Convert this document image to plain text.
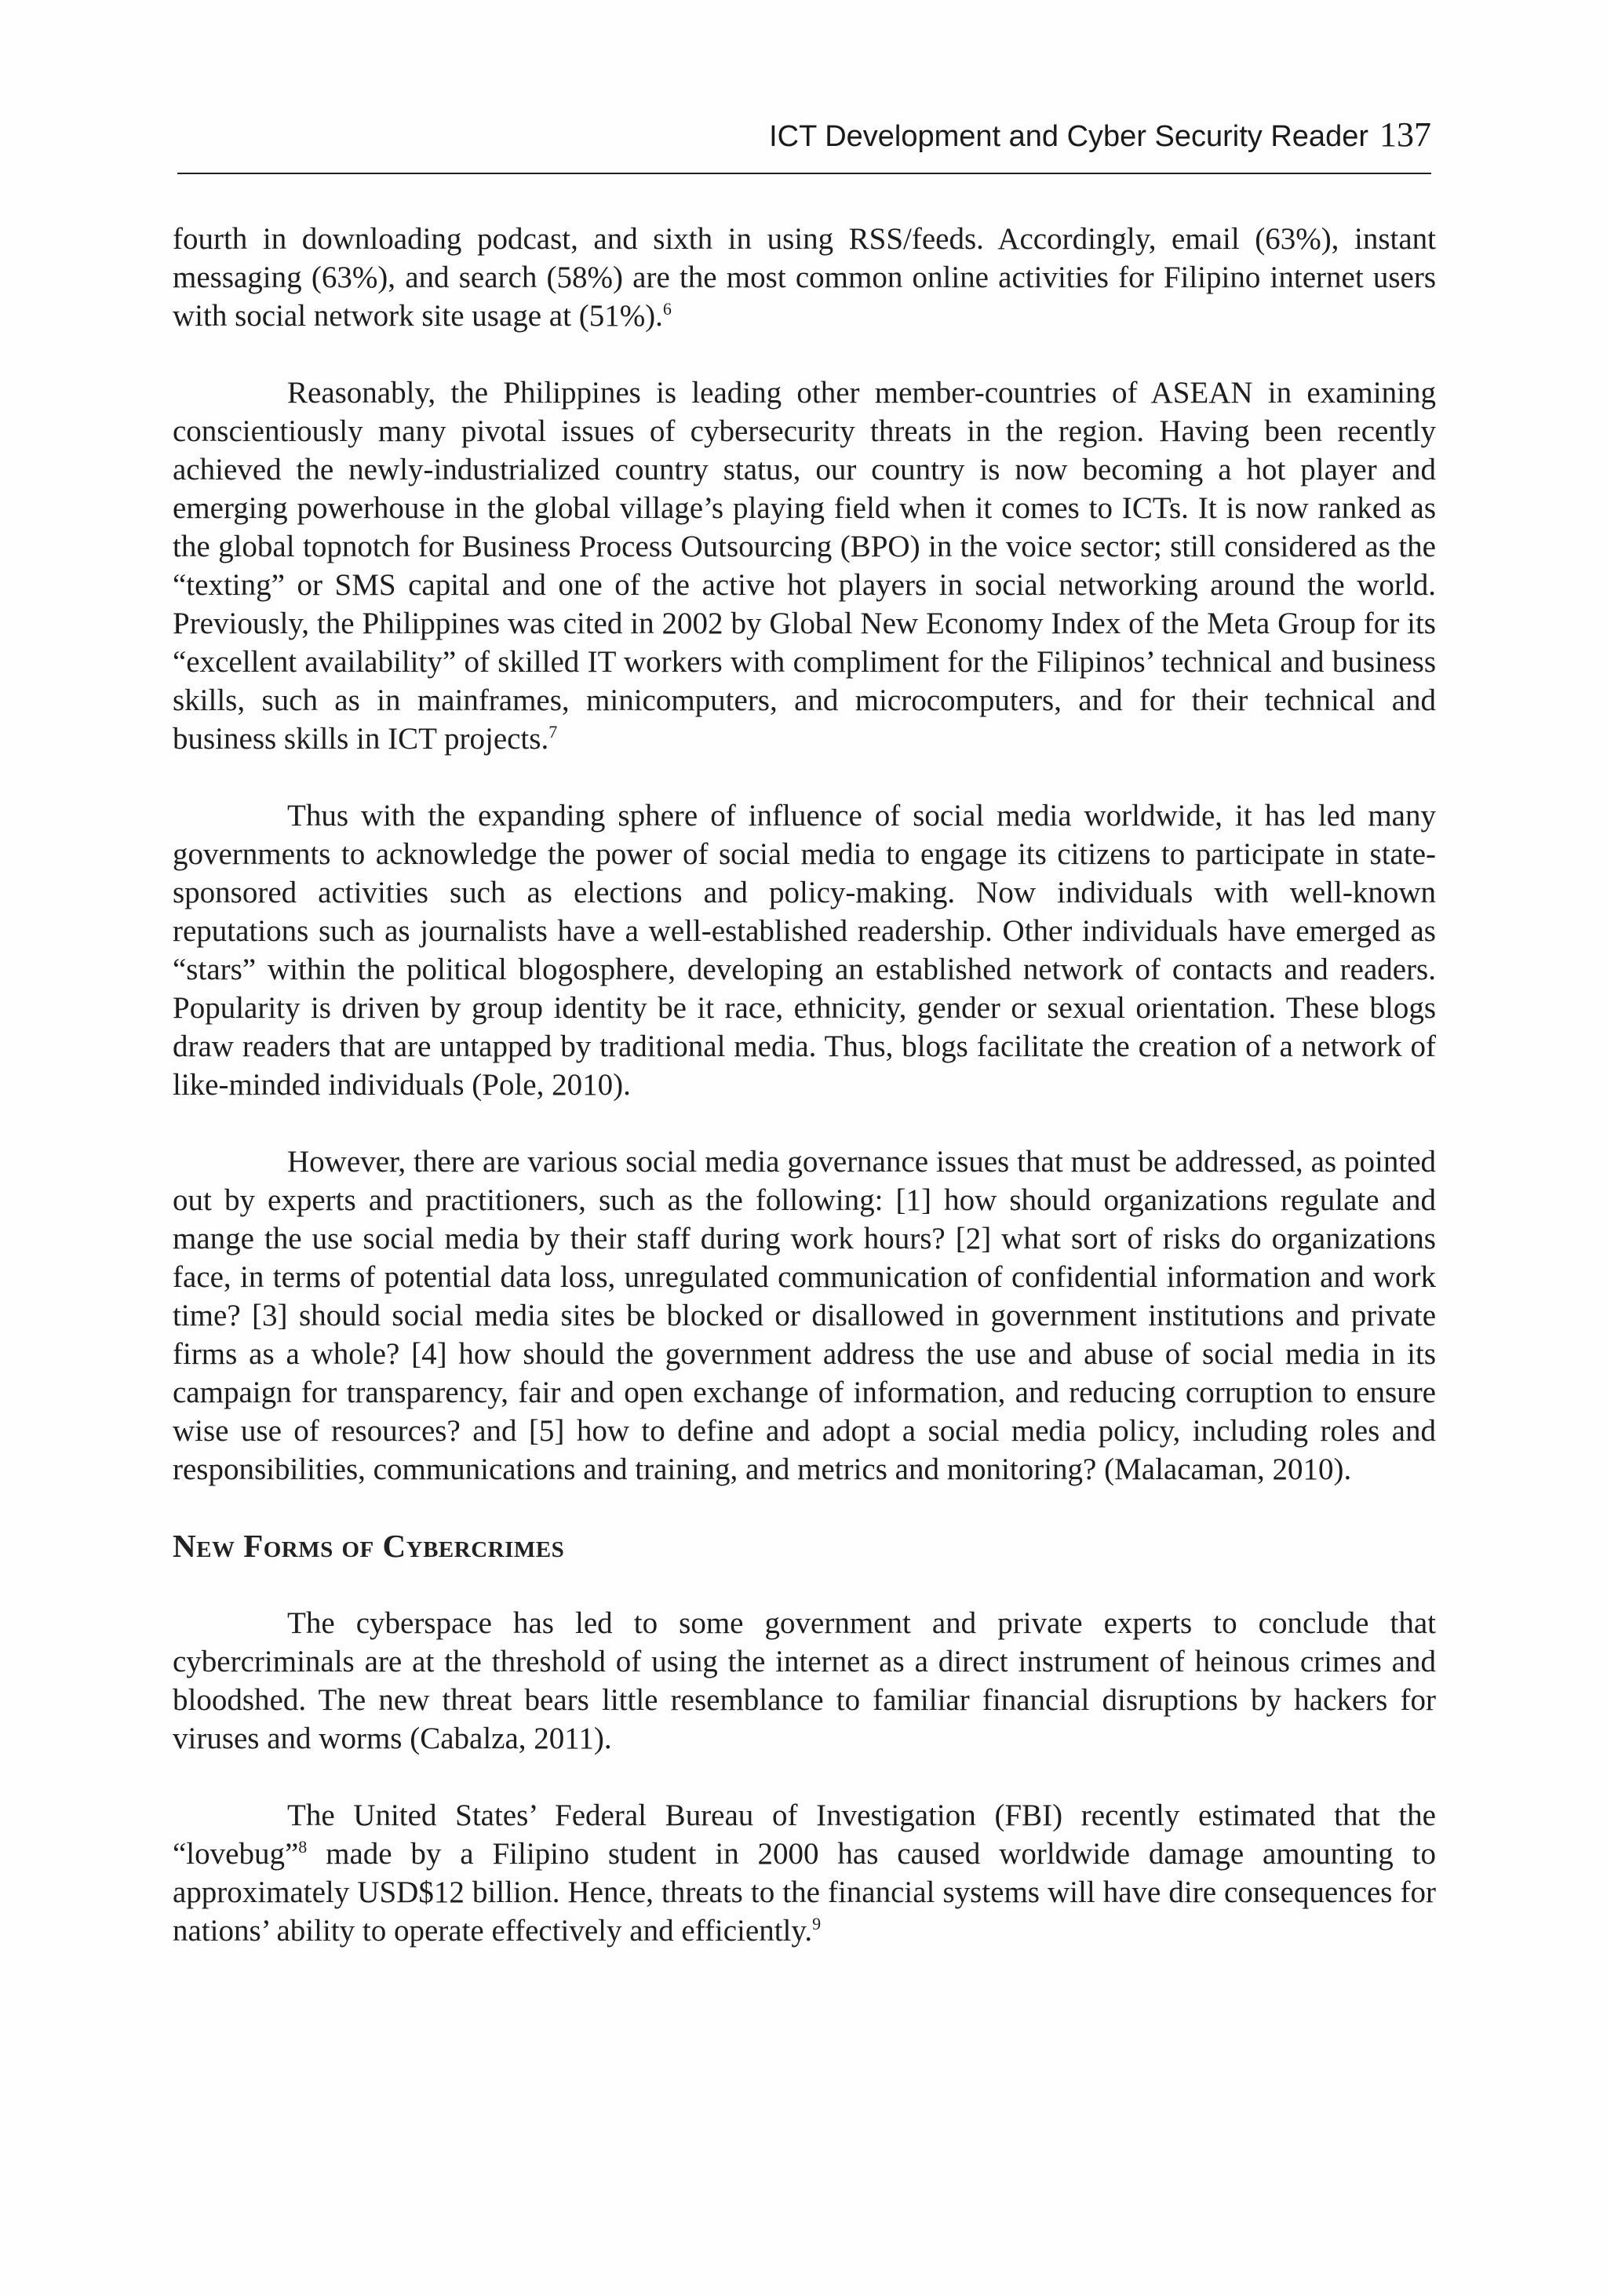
ICT Development and Cyber Security Reader 137

fourth in downloading podcast, and sixth in using RSS/feeds. Accordingly, email (63%), instant messaging (63%), and search (58%) are the most common online activities for Filipino internet users with social network site usage at (51%).$^6$

Reasonably, the Philippines is leading other member-countries of ASEAN in examining conscientiously many pivotal issues of cybersecurity threats in the region. Having been recently achieved the newly-industrialized country status, our country is now becoming a hot player and emerging powerhouse in the global village’s playing field when it comes to ICTs. It is now ranked as the global topnotch for Business Process Outsourcing (BPO) in the voice sector; still considered as the “texting” or SMS capital and one of the active hot players in social networking around the world. Previously, the Philippines was cited in 2002 by Global New Economy Index of the Meta Group for its “excellent availability” of skilled IT workers with compliment for the Filipinos’ technical and business skills, such as in mainframes, minicomputers, and microcomputers, and for their technical and business skills in ICT projects.$^7$

Thus with the expanding sphere of influence of social media worldwide, it has led many governments to acknowledge the power of social media to engage its citizens to participate in state-sponsored activities such as elections and policy-making. Now individuals with well-known reputations such as journalists have a well-established readership. Other individuals have emerged as “stars” within the political blogosphere, developing an established network of contacts and readers. Popularity is driven by group identity be it race, ethnicity, gender or sexual orientation. These blogs draw readers that are untapped by traditional media. Thus, blogs facilitate the creation of a network of like-minded individuals (Pole, 2010).

However, there are various social media governance issues that must be addressed, as pointed out by experts and practitioners, such as the following: [1] how should organizations regulate and mange the use social media by their staff during work hours? [2] what sort of risks do organizations face, in terms of potential data loss, unregulated communication of confidential information and work time? [3] should social media sites be blocked or disallowed in government institutions and private firms as a whole? [4] how should the government address the use and abuse of social media in its campaign for transparency, fair and open exchange of information, and reducing corruption to ensure wise use of resources? and [5] how to define and adopt a social media policy, including roles and responsibilities, communications and training, and metrics and monitoring? (Malacaman, 2010).

New Forms of Cybercrimes

The cyberspace has led to some government and private experts to conclude that cybercriminals are at the threshold of using the internet as a direct instrument of heinous crimes and bloodshed. The new threat bears little resemblance to familiar financial disruptions by hackers for viruses and worms (Cabalza, 2011).

The United States’ Federal Bureau of Investigation (FBI) recently estimated that the “lovebug”$^8$ made by a Filipino student in 2000 has caused worldwide damage amounting to approximately USD$12 billion. Hence, threats to the financial systems will have dire consequences for nations’ ability to operate effectively and efficiently.$^9$
